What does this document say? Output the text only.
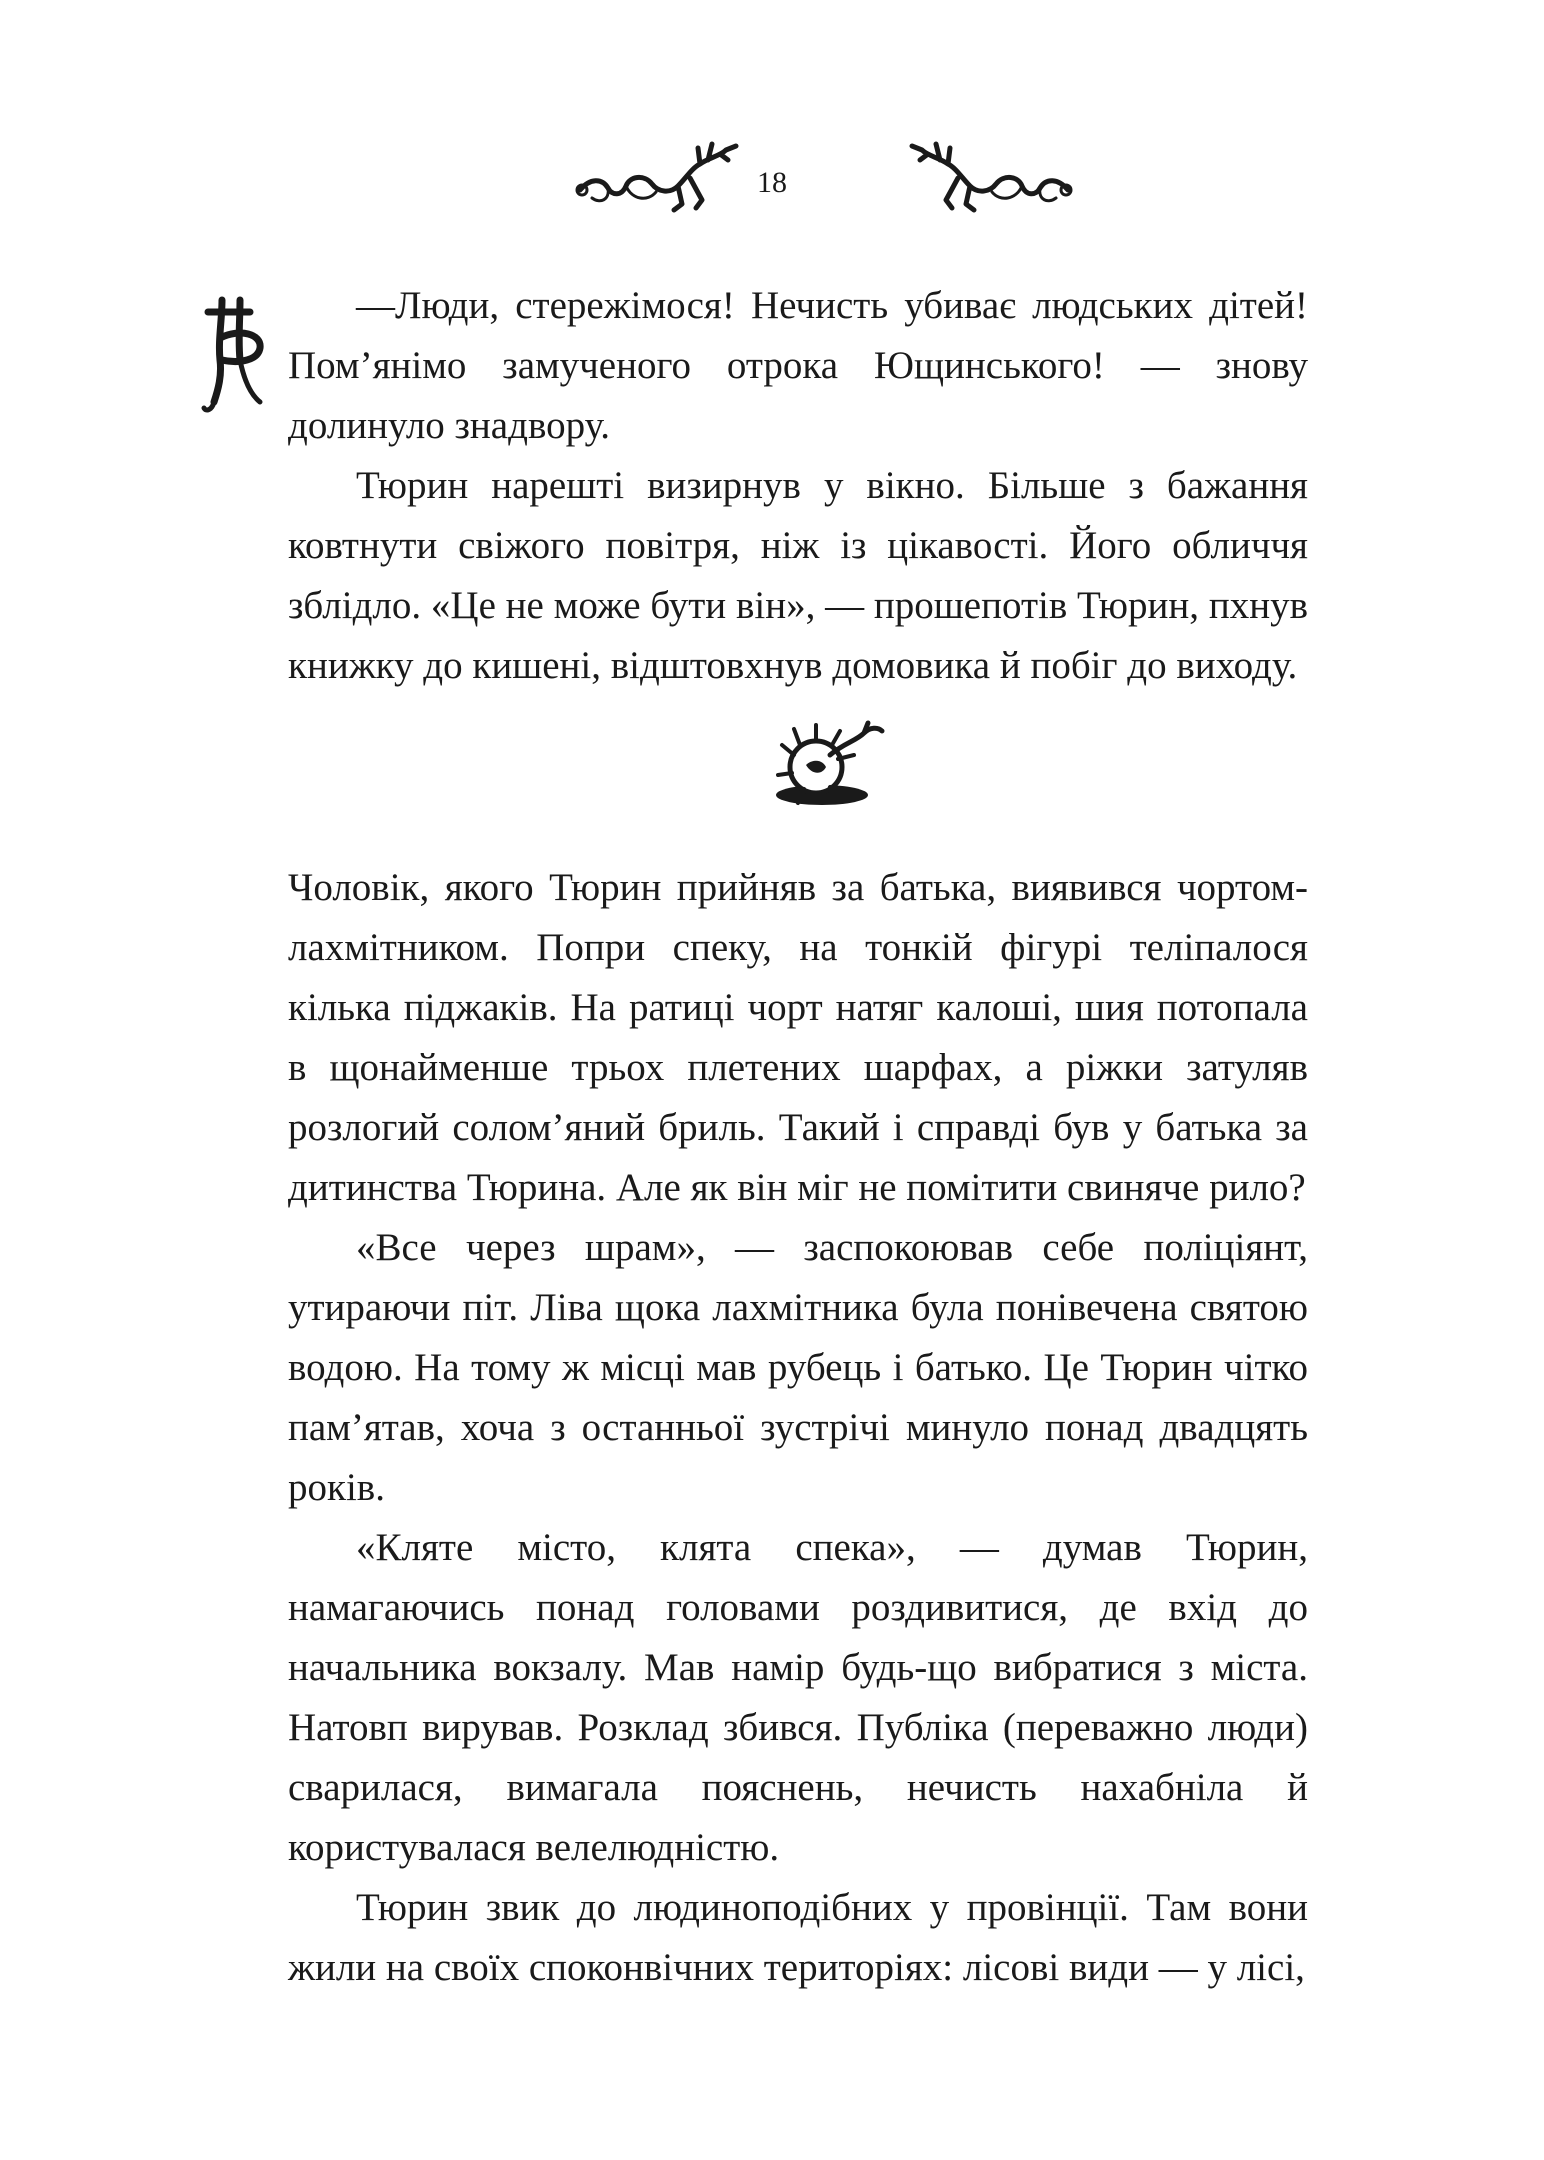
18

—Люди, стережімося! Нечисть убиває людських дітей! Пом’янімо замученого отрока Ющинського! — знову долинуло знадвору.

Тюрин нарешті визирнув у вікно. Більше з бажання ковтнути свіжого повітря, ніж із цікавості. Його обличчя зблідло. «Це не може бути він», — прошепотів Тюрин, пхнув книжку до кишені, відштовхнув домовика й побіг до виходу.

Чоловік, якого Тюрин прийняв за батька, виявився чортом-лахмітником. Попри спеку, на тонкій фігурі теліпалося кілька піджаків. На ратиці чорт натяг калоші, шия потопала в щонайменше трьох плетених шарфах, а ріжки затуляв розлогий солом’яний бриль. Такий і справді був у батька за дитинства Тюрина. Але як він міг не помітити свиняче рило?

«Все через шрам», — заспокоював себе поліціянт, утираючи піт. Ліва щока лахмітника була понівечена святою водою. На тому ж місці мав рубець і батько. Це Тюрин чітко пам’ятав, хоча з останньої зустрічі минуло понад двадцять років.

«Кляте місто, клята спека», — думав Тюрин, намагаючись понад головами роздивитися, де вхід до начальника вокзалу. Мав намір будь-що вибратися з міста. Натовп вирував. Розклад збився. Публіка (переважно люди) сварилася, вимагала пояснень, нечисть нахабніла й користувалася велелюдністю.

Тюрин звик до людиноподібних у провінції. Там вони жили на своїх споконвічних територіях: лісові види — у лісі,
